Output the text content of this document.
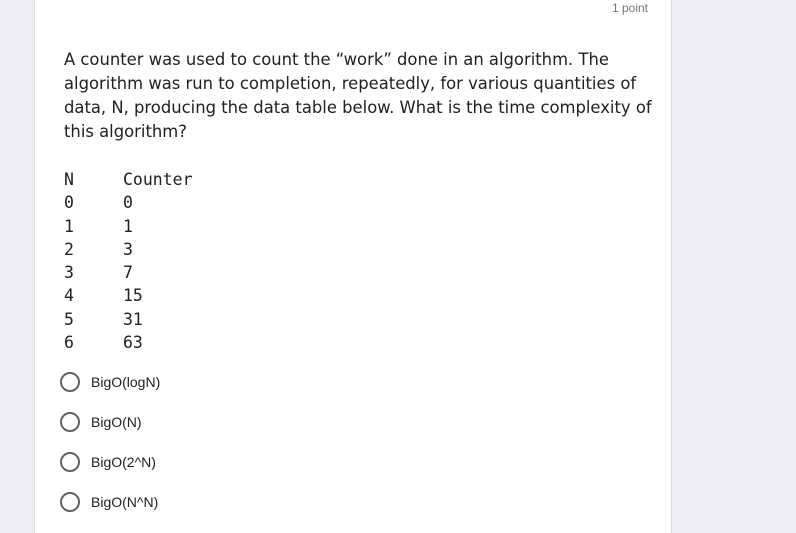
1 point

A counter was used to count the “work” done in an algorithm. The algorithm was run to completion, repeatedly, for various quantities of data, N, producing the data table below. What is the time complexity of this algorithm?

N	Counter
0	0
1	1
2	3
3	7
4	15
5	31
6	63
BigO(logN)
BigO(N)
BigO(2^N)
BigO(N^N)
